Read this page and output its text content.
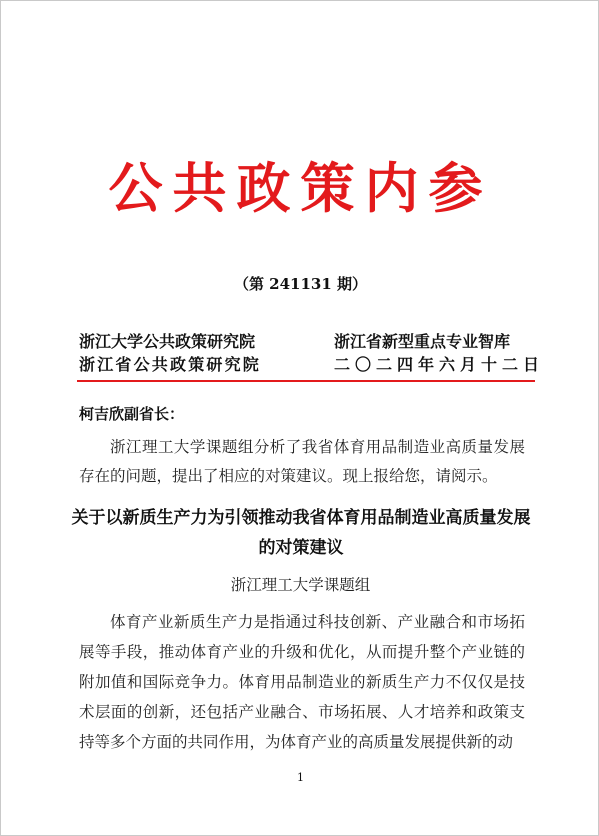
公共政策内参
（第 241131 期）
浙江大学公共政策研究院	浙江省新型重点专业智库
浙江省公共政策研究院	二〇二四年六月十二日
柯吉欣副省长：
浙江理工大学课题组分析了我省体育用品制造业高质量发展存在的问题，提出了相应的对策建议。现上报给您，请阅示。
关于以新质生产力为引领推动我省体育用品制造业高质量发展的对策建议
浙江理工大学课题组
体育产业新质生产力是指通过科技创新、产业融合和市场拓展等手段，推动体育产业的升级和优化，从而提升整个产业链的附加值和国际竞争力。体育用品制造业的新质生产力不仅仅是技术层面的创新，还包括产业融合、市场拓展、人才培养和政策支持等多个方面的共同作用，为体育产业的高质量发展提供新的动
1
